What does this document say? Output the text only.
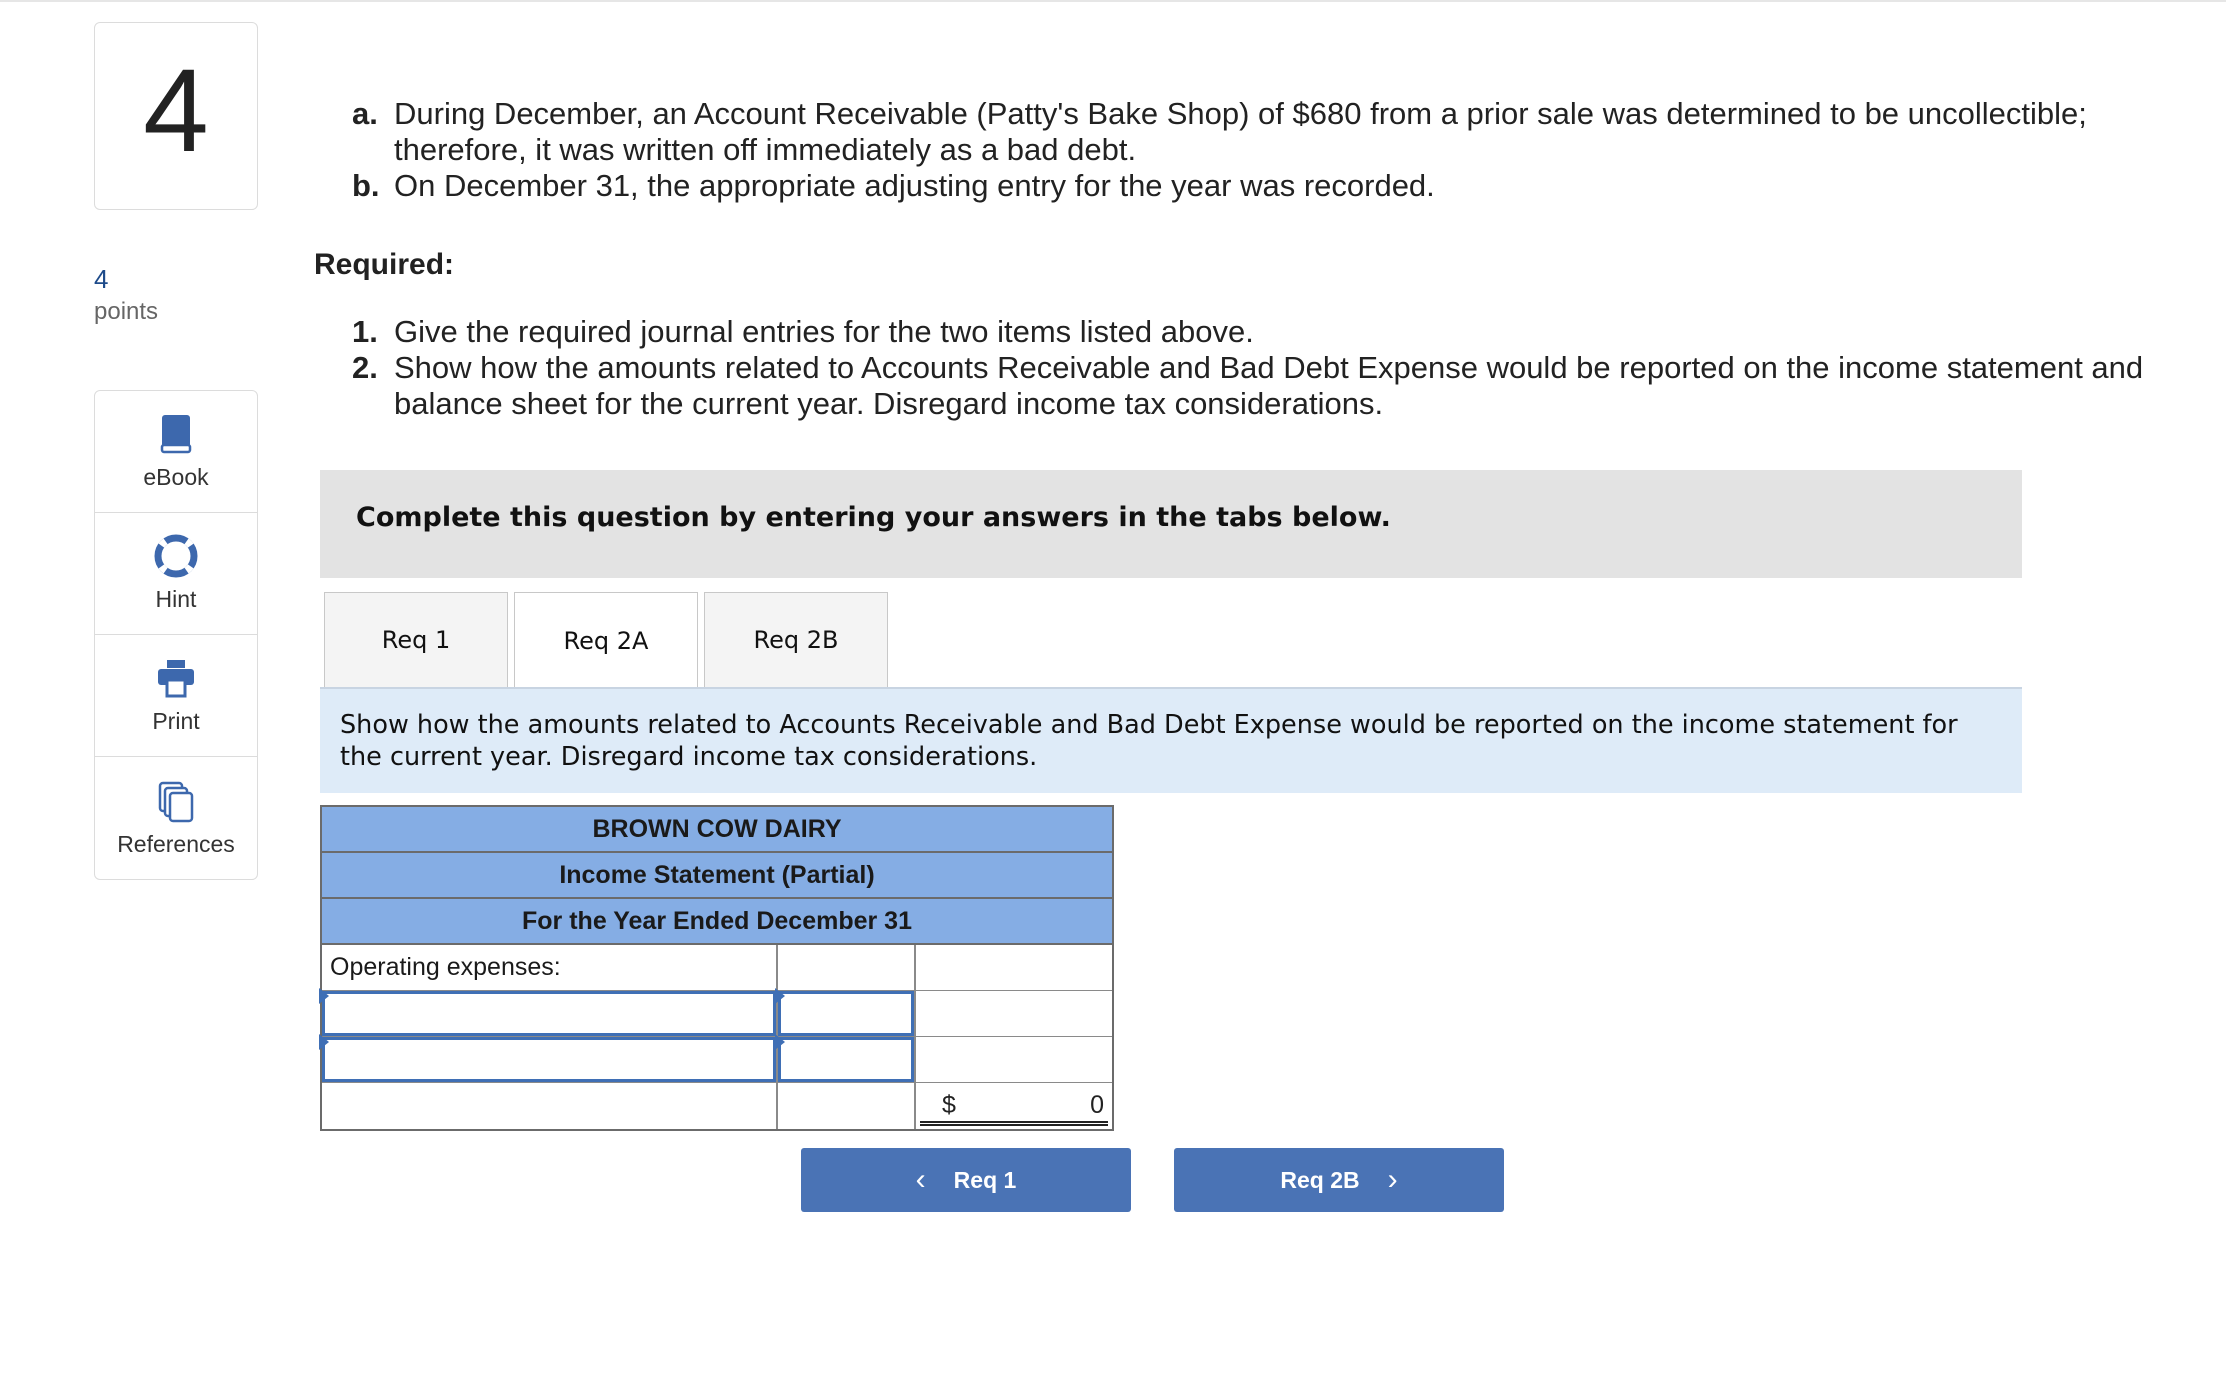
4
4
points
eBook
Hint
Print
References
a. During December, an Account Receivable (Patty's Bake Shop) of $680 from a prior sale was determined to be uncollectible; therefore, it was written off immediately as a bad debt.
b. On December 31, the appropriate adjusting entry for the year was recorded.
Required:
1. Give the required journal entries for the two items listed above.
2. Show how the amounts related to Accounts Receivable and Bad Debt Expense would be reported on the income statement and balance sheet for the current year. Disregard income tax considerations.
Complete this question by entering your answers in the tabs below.
Req 1	Req 2A	Req 2B
Show how the amounts related to Accounts Receivable and Bad Debt Expense would be reported on the income statement for the current year. Disregard income tax considerations.
BROWN COW DAIRY
Income Statement (Partial)
For the Year Ended December 31
Operating expenses:
$	0
‹ Req 1	Req 2B ›
